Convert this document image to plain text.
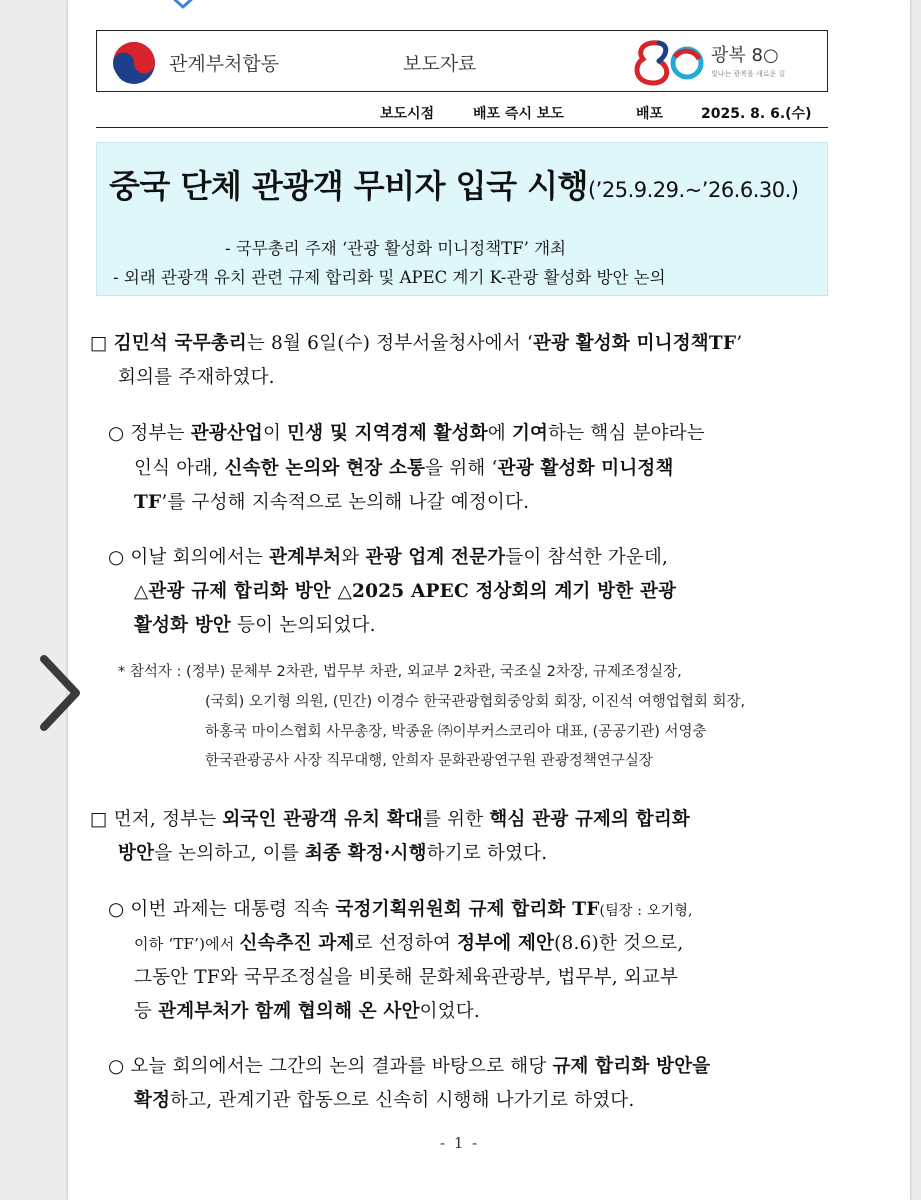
관계부처합동	보도자료	광복 8○
빛나는 광복을 새로운 길
보도시점	배포 즉시 보도	배포	2025. 8. 6.(수)
중국 단체 관광객 무비자 입국 시행(’25.9.29.~’26.6.30.)
- 국무총리 주재 ‘관광 활성화 미니정책TF’ 개최
- 외래 관광객 유치 관련 규제 합리화 및 APEC 계기 K-관광 활성화 방안 논의
□ 김민석 국무총리는 8월 6일(수) 정부서울청사에서 ‘관광 활성화 미니정책TF’
회의를 주재하였다.
○ 정부는 관광산업이 민생 및 지역경제 활성화에 기여하는 핵심 분야라는
인식 아래, 신속한 논의와 현장 소통을 위해 ‘관광 활성화 미니정책
TF’를 구성해 지속적으로 논의해 나갈 예정이다.
○ 이날 회의에서는 관계부처와 관광 업계 전문가들이 참석한 가운데,
△관광 규제 합리화 방안 △2025 APEC 정상회의 계기 방한 관광
활성화 방안 등이 논의되었다.
* 참석자 : (정부) 문체부 2차관, 법무부 차관, 외교부 2차관, 국조실 2차장, 규제조정실장,
(국회) 오기형 의원, (민간) 이경수 한국관광협회중앙회 회장, 이진석 여행업협회 회장,
하홍국 마이스협회 사무총장, 박종윤 ㈜이부커스코리아 대표, (공공기관) 서영충
한국관광공사 사장 직무대행, 안희자 문화관광연구원 관광정책연구실장
□ 먼저, 정부는 외국인 관광객 유치 확대를 위한 핵심 관광 규제의 합리화
방안을 논의하고, 이를 최종 확정·시행하기로 하였다.
○ 이번 과제는 대통령 직속 국정기획위원회 규제 합리화 TF(팀장 : 오기형,
이하 ‘TF’)에서 신속추진 과제로 선정하여 정부에 제안(8.6)한 것으로,
그동안 TF와 국무조정실을 비롯해 문화체육관광부, 법무부, 외교부
등 관계부처가 함께 협의해 온 사안이었다.
○ 오늘 회의에서는 그간의 논의 결과를 바탕으로 해당 규제 합리화 방안을
확정하고, 관계기관 합동으로 신속히 시행해 나가기로 하였다.
- 1 -
